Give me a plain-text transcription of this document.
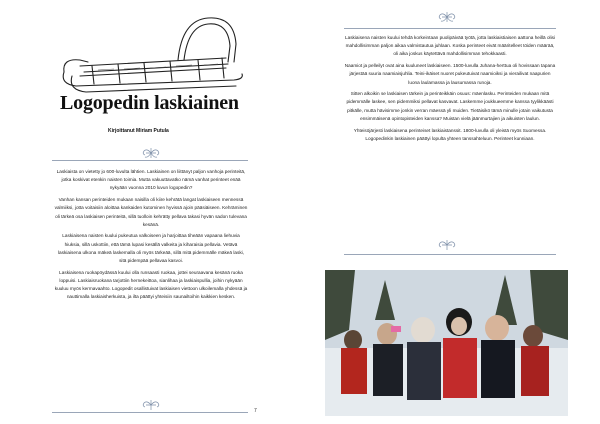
Logopedin laskiainen
Kirjoittanut Miriam Putula

Laskiaista on vietetty jo 600-luvulta lähtien. Laskiainen on liittänyt paljon vanhoja perinteitä, jotka koskivat etenkin naisten toimia. Mutta vakuuttavatko nämä vanhat perinteet enää nykyään vuonna 2010 luvun logopedin?

Vanhan kansan perinteiden mukaan naisilla oli kiire kehrätä langat laskiaiseen mennessä valmiiksi, jotta voitaisiin aloittaa kankaiden kutominen hyvissä ajoin pääsiäiseen. Kehräminen oli tärkeä osa laskiaisen perinteitä, sillä tuolloin kehrätty pellava takasi hyvän sadon tulevana kesänä.

Laskiaisena naisten kuului pukeutua valkoiseen ja harjoittaa tiheään vapaana liehuvia hiuksia, sillä uskottiin, että tämä lupasi kesällä valkeita ja kiharaisia pellavia. Vetävä laskiaisena ulkona mäkeä laskemalla oli myös tärkeää, sillä mitä pidemmälle mäkeä laski, sitä pidempää pellavaa kasvoi.

Laskiaisena ruokapöydässä kuului olla runsaasti ruokaa, jottei seuraavana kesänä ruoka loppuisi. Laskiaisruokana tarjottiin hernekeittoa, sianlihaa ja laskiaispullia, joihin nykyään kuuluu myös kermavaahto. Logopedit osallistuivat laskiaisen viettoon ulkoilemalla yhdessä ja nauttimalla laskiaisherkuista, ja ilta päättyi yhteisiin saunailtoihin kaikkien kesken.

7

Laskiaisena naisten kuului tehdä korkeintaan puolipäivää työtä, jotta laskiaistiaisen aattona heillä olisi mahdollisimman paljon aikaa valmistautua juhlaan. Koska perinteet eivät määritelleet töiden määrää, oli aika joskus käytettävä mahdollisimman tehokkaasti.

Naamiot ja pelleilyt ovat aina kuuluneet laskiaiseen. 1500-luvulla Juhana-herttua oli hovissaan tapana järjestää suuria naamiaisjuhlia. Teini-ikäiset nuoret pukeutuivat naamioiksi ja vierailivat naapurien luona laulamassa ja lausumassa runoja.

Sitten alkoikin se laskiaisen tärkein ja perinteikkäin osuus: mäenlasku. Perinteiden mukaan mitä pidemmälle laskee, sen pidemmiksi pellavat kasvavat. Laskemme joukkueemme kanssa tyylikkäästi pitkälle, mutta hävisimme jonkin verran mäessä yli muiden. Tietäisikö tämä minulle jotain vaikutusta ensimmäisenä opintopisteiden kanssa? Muistan vielä jäänmurtajien ja aikuisten laulun.

Yhteisöjärjesti laskiaisena perinteiset laskiaistanssit. 1800-luvulla oli yleistä myös Suomessa. Logopedinkin laskiainen päättyi lopulta yhteen tanssahteluun. Perinteet kunniaan.
